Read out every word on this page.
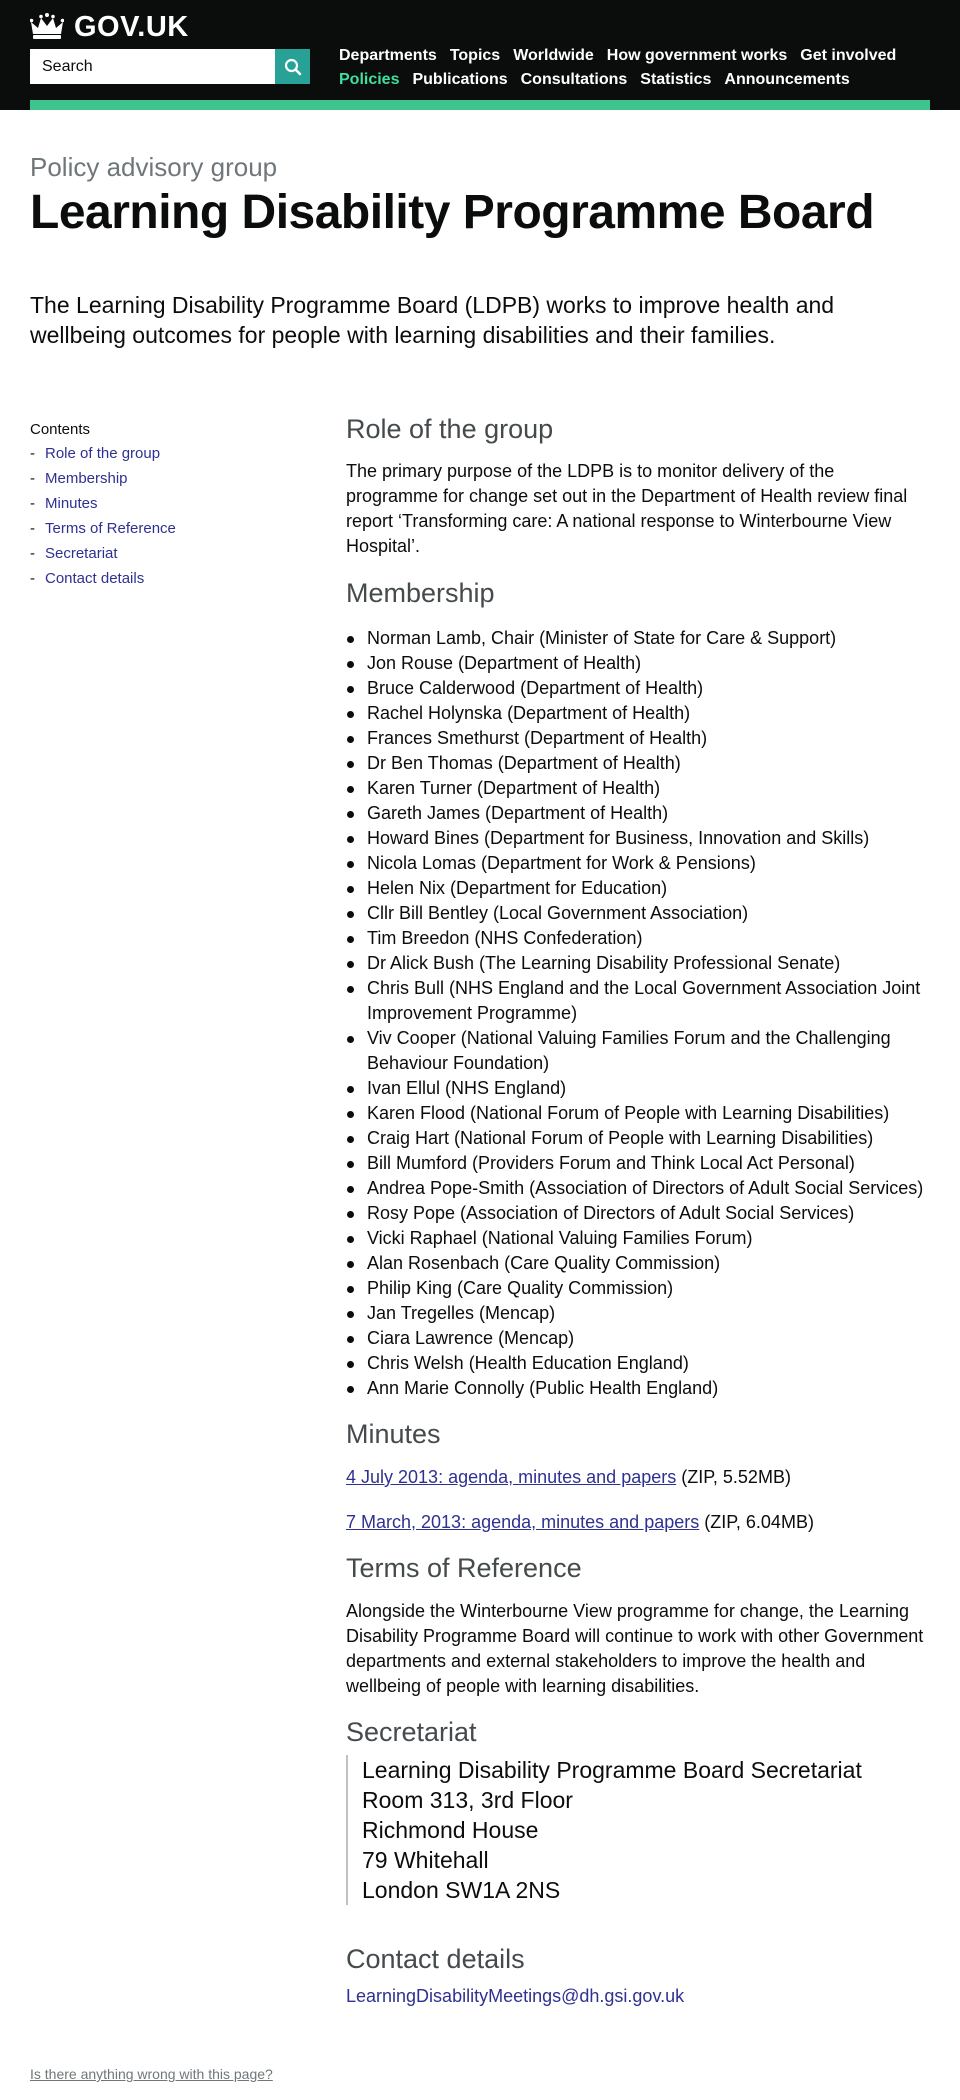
GOV.UK
Search
Departments Topics Worldwide How government works Get involved
Policies Publications Consultations Statistics Announcements
Policy advisory group
Learning Disability Programme Board

The Learning Disability Programme Board (LDPB) works to improve health and wellbeing outcomes for people with learning disabilities and their families.

Contents
- Role of the group
- Membership
- Minutes
- Terms of Reference
- Secretariat
- Contact details
Role of the group

The primary purpose of the LDPB is to monitor delivery of the programme for change set out in the Department of Health review final report ‘Transforming care: A national response to Winterbourne View Hospital’.

Membership
Norman Lamb, Chair (Minister of State for Care & Support)
Jon Rouse (Department of Health)
Bruce Calderwood (Department of Health)
Rachel Holynska (Department of Health)
Frances Smethurst (Department of Health)
Dr Ben Thomas (Department of Health)
Karen Turner (Department of Health)
Gareth James (Department of Health)
Howard Bines (Department for Business, Innovation and Skills)
Nicola Lomas (Department for Work & Pensions)
Helen Nix (Department for Education)
Cllr Bill Bentley (Local Government Association)
Tim Breedon (NHS Confederation)
Dr Alick Bush (The Learning Disability Professional Senate)
Chris Bull (NHS England and the Local Government Association Joint Improvement Programme)
Viv Cooper (National Valuing Families Forum and the Challenging Behaviour Foundation)
Ivan Ellul (NHS England)
Karen Flood (National Forum of People with Learning Disabilities)
Craig Hart (National Forum of People with Learning Disabilities)
Bill Mumford (Providers Forum and Think Local Act Personal)
Andrea Pope-Smith (Association of Directors of Adult Social Services)
Rosy Pope (Association of Directors of Adult Social Services)
Vicki Raphael (National Valuing Families Forum)
Alan Rosenbach (Care Quality Commission)
Philip King (Care Quality Commission)
Jan Tregelles (Mencap)
Ciara Lawrence (Mencap)
Chris Welsh (Health Education England)
Ann Marie Connolly (Public Health England)
Minutes
4 July 2013: agenda, minutes and papers (ZIP, 5.52MB)
7 March, 2013: agenda, minutes and papers (ZIP, 6.04MB)
Terms of Reference

Alongside the Winterbourne View programme for change, the Learning Disability Programme Board will continue to work with other Government departments and external stakeholders to improve the health and wellbeing of people with learning disabilities.

Secretariat
Learning Disability Programme Board Secretariat
Room 313, 3rd Floor
Richmond House
79 Whitehall
London SW1A 2NS
Contact details
LearningDisabilityMeetings@dh.gsi.gov.uk
Is there anything wrong with this page?
